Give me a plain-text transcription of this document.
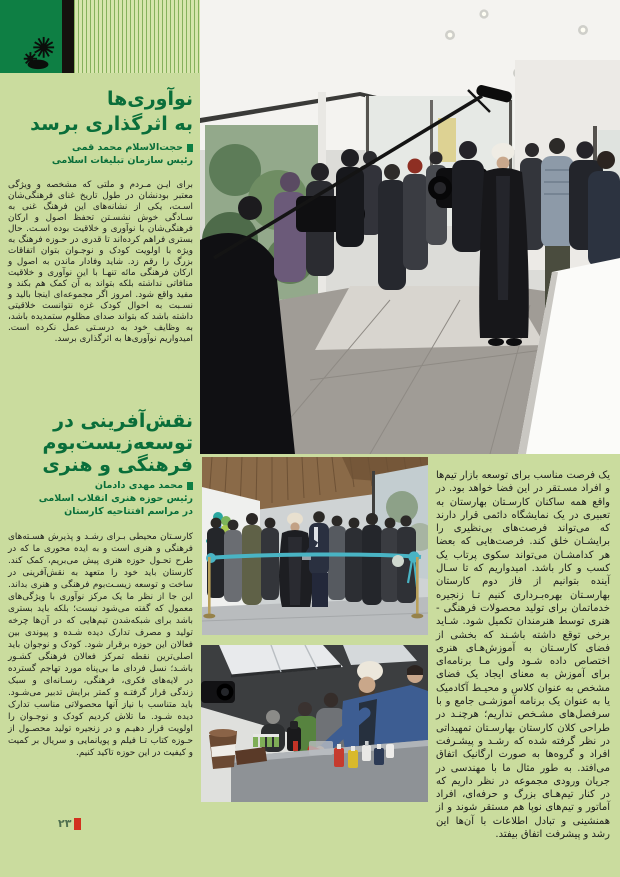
نوآوری‌ها
به اثرگذاری برسد
حجت‌الاسلام محمد قمی
رئیس سازمان تبلیغات اسلامی

برای ایـن مـردم و ملتی که مشخصه و ویژگی معتبر بودنشان در طول تاریخ غنای فرهنگی‌شان اسـت، یکی از نشانه‌های این فرهنگ غنی به سـادگی خوش نشسـتن تحفظ اصول و ارکان فرهنگی‌شان با نوآوری و خلاقیت بوده اسـت. حال بستری فراهم کرده‌اند تا قدری در حـوزه فرهنگ به ویژه با اولویت کودک و نوجـوان بتوان اتفاقات بزرگ را رقم زد. شاید وفادار ماندن به اصول و ارکان فرهنگی مائه تنهـا با این نوآوری و خلاقیت منافاتی نداشته بلکه بتواند به آن کمک هم بکند و مفید واقع شود. امروز اگر مجموعه‌ای اینجا بالید و نسـبت به احوال کودک غزه نتوانست خلاقیتی داشته باشد که بتواند صدای مظلوم ستمدیده باشد، به وظایف خود به درسـتی عمل نکرده است. امیدواریم نوآوری‌ها به اثرگذاری برسد.

نقش‌آفرینی در
توسعه‌زیست‌بوم
فرهنگی و هنری
محمد مهدی دادمان
رئیس حوزه هنری انقلاب اسلامی در مراسم افتتاحیه کارستان

کارسـتان محیطی بـرای رشـد و پذیرش هسـته‌های فرهنگی و هنری است و به ایده محوری ما که در طرح تحـول حوزه هنری پیش می‌بریم، کمک کند. کارستان باید خود را متعهد به نقش‌آفرینی در ساخت و توسعه زیسـت‌بوم فرهنگی و هنری بداند. این جا از نظر ما یک مرکز نوآوری با ویژگی‌های معمول که گفته می‌شود نیست؛ بلکه باید بستری باشد برای شبکه‌شدن تیم‌هایی که در آن‌ها چرخه تولید و مصرف تدارک دیده شـده و پیوندی بین فعالان این حوزه برقرار شود. کودک و نوجوان باید اصلی‌ترین نقطه تمرکز فعالان فرهنگی کشـور باشـد؛ نسل فردای ما بی‌پناه مورد تهاجم گسترده در لایه‌های فکری، فرهنگی، رسـانه‌ای و سبک زندگی قرار گرفتـه و کمتر برایش تدبیر می‌شـود. باید متناسب با نیاز آنها محصولاتی مناسب تدارک دیده شـود. ما تلاش کردیم کودک و نوجـوان را اولویت قرار دهیـم و در زنجیره تولید محصـول از حـوزه کتاب تـا فیلم و پویانمایی و سریال بر کمیت و کیفیت در این حوزه تاکید کنیم.

یک فرصت مناسب برای توسعه بازار تیم‌ها و افراد مسـتقر در این فضا خواهد بود. در واقع همه ساکنان کارسـتان بهارستان به تعبیری در یک نمایشگاه دائمی قرار دارند که می‌تواند فرصت‌های بی‌نظیری را برایشـان خلق کند. فرصت‌هایی که بعضا هر کدامشـان می‌تواند سکوی پرتاب یک کسب و کار باشد. امیدواریم که تا سـال آینده بتوانیم از فاز دوم کارستان بهارسـتان بهره‌بـرداری کنیم تـا زنجیره خدماتمان برای تولید محصولات فرهنگی - هنری توسط هنرمندان تکمیل شود. شـاید برخی توقع داشته باشـند که بخشی از فضای کارسـتان به آموزش‌هـای هنری اختصاص داده شـود ولی مـا برنامه‌ای برای آموزش به معنای ایجاد یک فضای مشخص به عنوان کلاس و محیـط آکادمیک یا به عنوان یک برنامه آموزشـی جامع و با سرفصل‌های مشـخص نداریم؛ هرچنـد در طراحی کلان کارستان بهارسـتان تمهیداتی در نظر گرفته شده که رشـد و پیشـرفت افراد و گروه‌ها به صورت ارگانیک اتفاق می‌افتد. به طور مثال ما با مهندسی در جریان ورودی مجموعه در نظر داریم که در کنار تیم‌هـای بزرگ و حرفه‌ای، افراد آماتور و تیم‌های نوپا هم مستقر شوند و از همنشینی و تبادل اطلاعات با آن‌ها این رشد و پیشرفت اتفاق بیفتد.

۲۳
